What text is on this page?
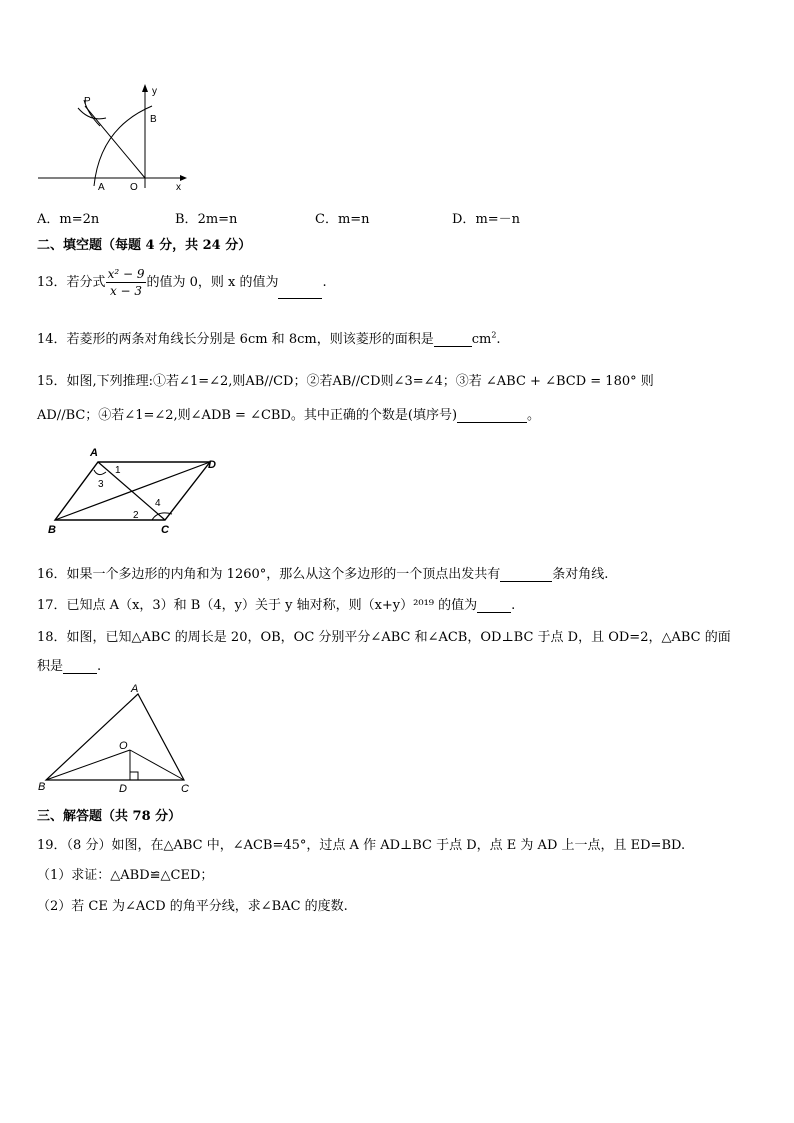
P
y
B
A	O	x
A．m=2n	B．2m=n	C．m=n	D．m=－n
二、填空题（每题 4 分，共 24 分）
13．若分式 $\frac{\text{x² − 9}}{x - 3}$ 的值为 0，则 x 的值为	.
14．若菱形的两条对角线长分别是 6cm 和 8cm，则该菱形的面积是	$cm^2$.
15．如图,下列推理:①若∠1=∠2,则AB//CD；②若AB//CD则∠3=∠4；③若 ∠ABC + ∠BCD = 180° 则
AD//BC；④若∠1=∠2,则∠ADB = ∠CBD。其中正确的个数是(填序号)	。
A
D
B	C
1
3
2
4
16．如果一个多边形的内角和为 1260°，那么从这个多边形的一个顶点出发共有	条对角线.
17．已知点 A（x，3）和 B（4，y）关于 y 轴对称，则（x+y）²⁰¹⁹ 的值为	.
18．如图，已知△ABC 的周长是 20，OB，OC 分别平分∠ABC 和∠ACB，OD⊥BC 于点 D，且 OD=2，△ABC 的面
积是	.
A
O
B	D	C
三、解答题（共 78 分）
19．（8 分）如图，在△ABC 中，∠ACB=45°，过点 A 作 AD⊥BC 于点 D，点 E 为 AD 上一点，且 ED=BD.
（1）求证：△ABD≌△CED；
（2）若 CE 为∠ACD 的角平分线，求∠BAC 的度数.
